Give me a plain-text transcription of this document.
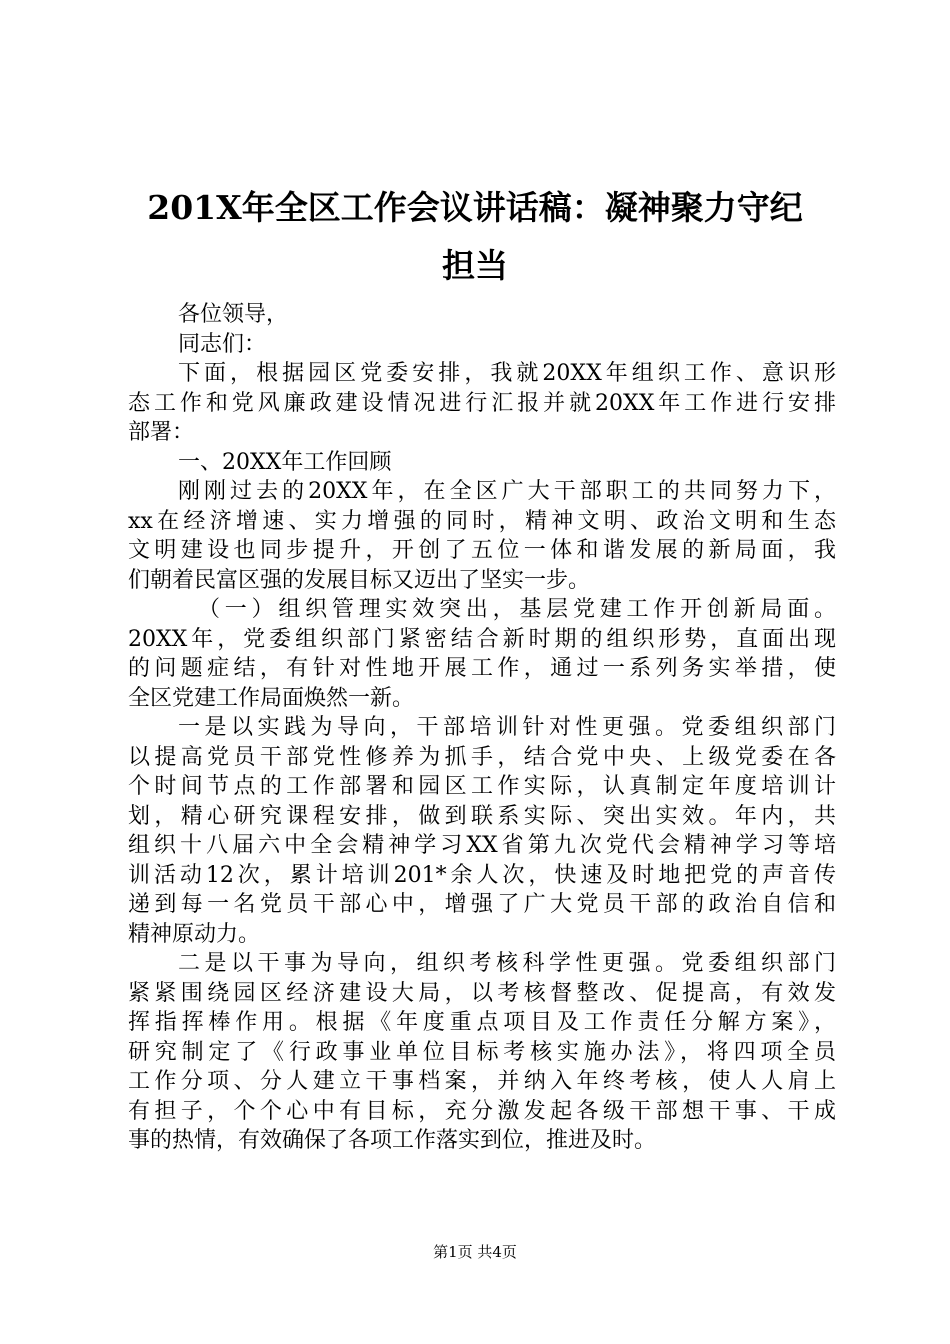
201X年全区工作会议讲话稿：凝神聚力守纪
担当
各位领导，
同志们：
下面，根据园区党委安排，我就20XX年组织工作、意识形
态工作和党风廉政建设情况进行汇报并就20XX年工作进行安排
部署：
一、20XX年工作回顾
刚刚过去的20XX年，在全区广大干部职工的共同努力下，
xx在经济增速、实力增强的同时，精神文明、政治文明和生态
文明建设也同步提升，开创了五位一体和谐发展的新局面，我
们朝着民富区强的发展目标又迈出了坚实一步。
（一）组织管理实效突出，基层党建工作开创新局面。
20XX年，党委组织部门紧密结合新时期的组织形势，直面出现
的问题症结，有针对性地开展工作，通过一系列务实举措，使
全区党建工作局面焕然一新。
一是以实践为导向，干部培训针对性更强。党委组织部门
以提高党员干部党性修养为抓手，结合党中央、上级党委在各
个时间节点的工作部署和园区工作实际，认真制定年度培训计
划，精心研究课程安排，做到联系实际、突出实效。年内，共
组织十八届六中全会精神学习XX省第九次党代会精神学习等培
训活动12次，累计培训201*余人次，快速及时地把党的声音传
递到每一名党员干部心中，增强了广大党员干部的政治自信和
精神原动力。
二是以干事为导向，组织考核科学性更强。党委组织部门
紧紧围绕园区经济建设大局，以考核督整改、促提高，有效发
挥指挥棒作用。根据《年度重点项目及工作责任分解方案》，
研究制定了《行政事业单位目标考核实施办法》，将四项全员
工作分项、分人建立干事档案，并纳入年终考核，使人人肩上
有担子，个个心中有目标，充分激发起各级干部想干事、干成
事的热情，有效确保了各项工作落实到位，推进及时。
第1页 共4页
